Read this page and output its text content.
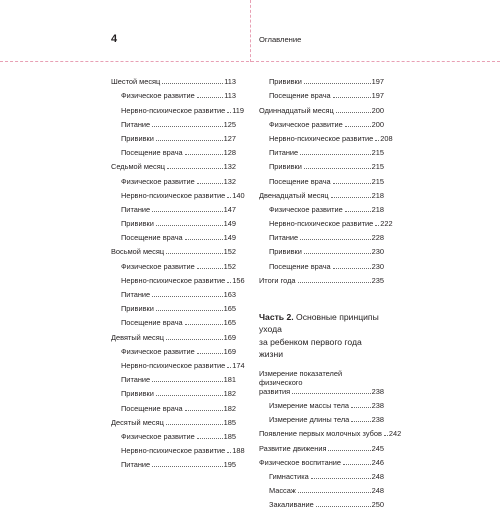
4	Оглавление
Шестой месяц	113
Физическое развитие	113
Нервно-психическое развитие 119
Питание	125
Прививки	127
Посещение врача	128
Седьмой месяц	132
Физическое развитие	132
Нервно-психическое развитие 140
Питание	147
Прививки	149
Посещение врача	149
Восьмой месяц	152
Физическое развитие	152
Нервно-психическое развитие 156
Питание	163
Прививки	165
Посещение врача	165
Девятый месяц	169
Физическое развитие	169
Нервно-психическое развитие 174
Питание	181
Прививки	182
Посещение врача	182
Десятый месяц	185
Физическое развитие	185
Нервно-психическое развитие 188
Питание	195
Прививки	197
Посещение врача	197
Одиннадцатый месяц	200
Физическое развитие	200
Нервно-психическое развитие 208
Питание	215
Прививки	215
Посещение врача	215
Двенадцатый месяц	218
Физическое развитие	218
Нервно-психическое развитие 222
Питание	228
Прививки	230
Посещение врача	230
Итоги года	235
Часть 2. Основные принципы ухода
за ребенком первого года жизни
Измерение показателей физического
развития	238
Измерение массы тела	238
Измерение длины тела	238
Появление первых молочных зубов 242
Развитие движения	245
Физическое воспитание	246
Гимнастика	248
Массаж	248
Закаливание	250
